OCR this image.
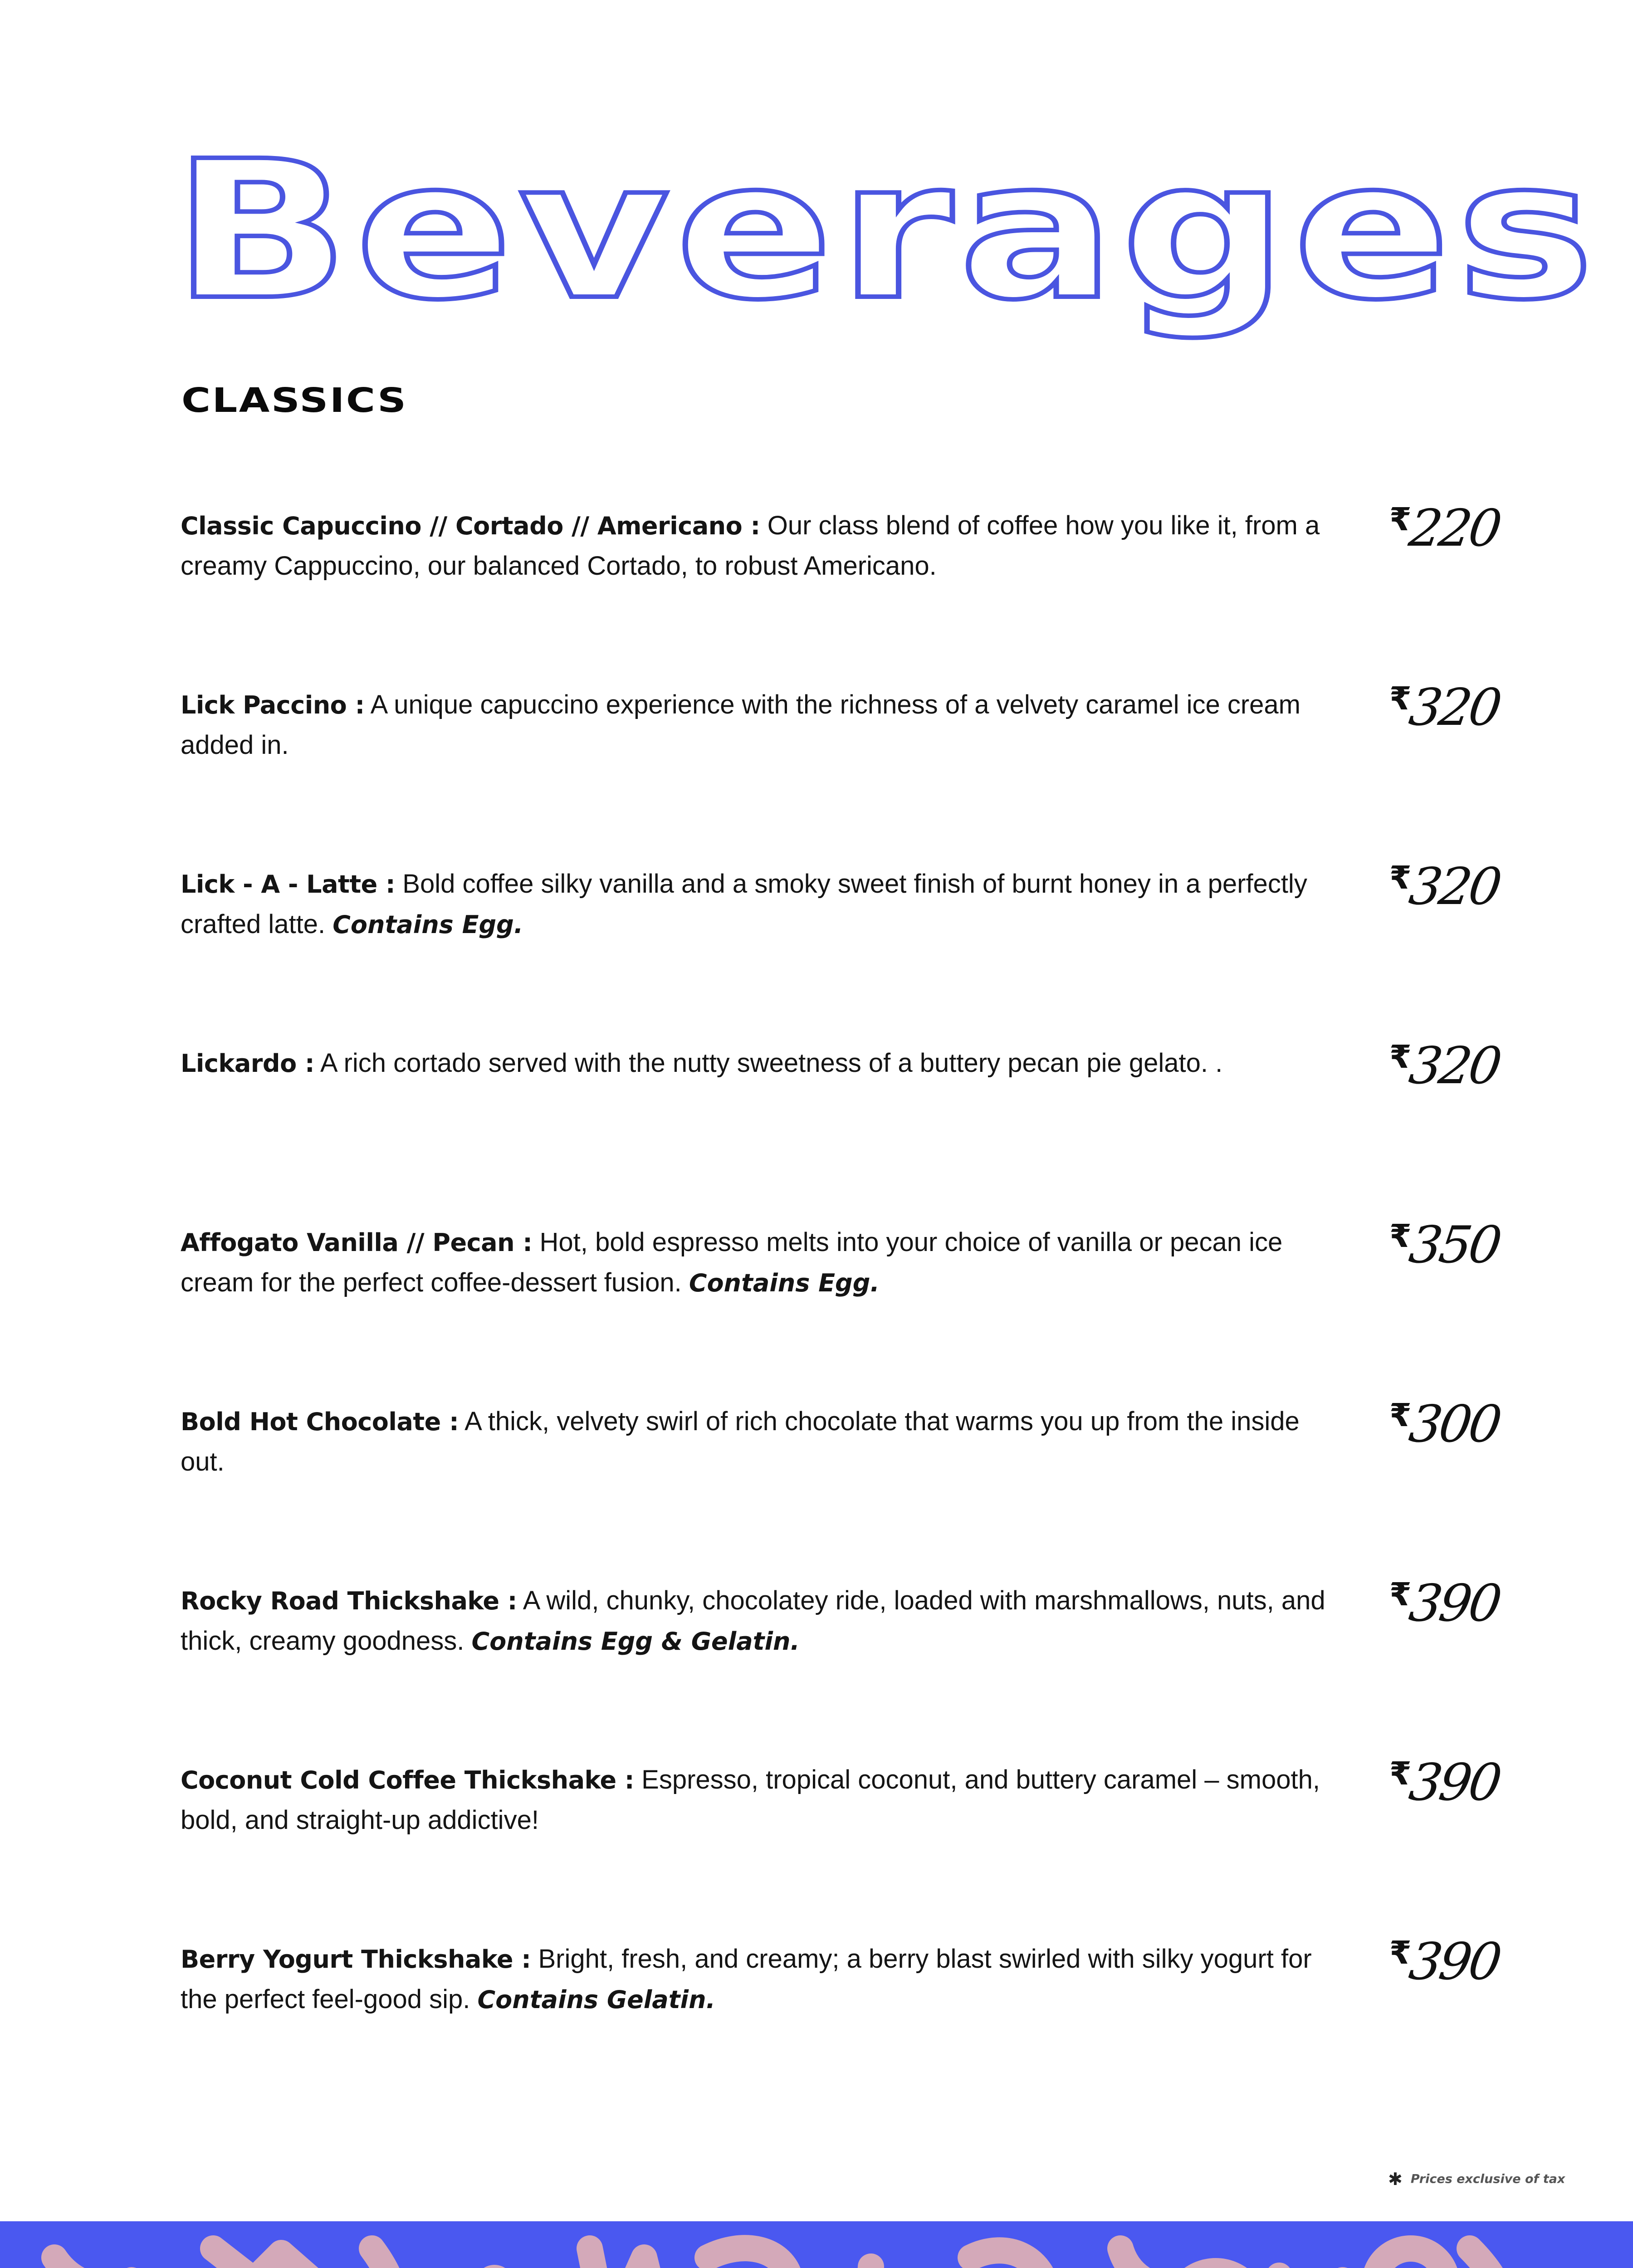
Beverages
CLASSICS

Classic Capuccino // Cortado // Americano : Our class blend of coffee how you like it, from a creamy Cappuccino, our balanced Cortado, to robust Americano.

₹220

Lick Paccino : A unique capuccino experience with the richness of a velvety caramel ice cream added in.

₹320

Lick - A - Latte : Bold coffee silky vanilla and a smoky sweet finish of burnt honey in a perfectly crafted latte. Contains Egg.

₹320

Lickardo : A rich cortado served with the nutty sweetness of a buttery pecan pie gelato. .	₹320

Affogato Vanilla // Pecan : Hot, bold espresso melts into your choice of vanilla or pecan ice cream for the perfect coffee-dessert fusion. Contains Egg.

₹350

Bold Hot Chocolate : A thick, velvety swirl of rich chocolate that warms you up from the inside out.

₹300

Rocky Road Thickshake : A wild, chunky, chocolatey ride, loaded with marshmallows, nuts, and thick, creamy goodness. Contains Egg & Gelatin.

₹390

Coconut Cold Coffee Thickshake : Espresso, tropical coconut, and buttery caramel – smooth, bold, and straight-up addictive!

₹390

Berry Yogurt Thickshake : Bright, fresh, and creamy; a berry blast swirled with silky yogurt for the perfect feel-good sip. Contains Gelatin.

₹390
✱ Prices exclusive of tax
